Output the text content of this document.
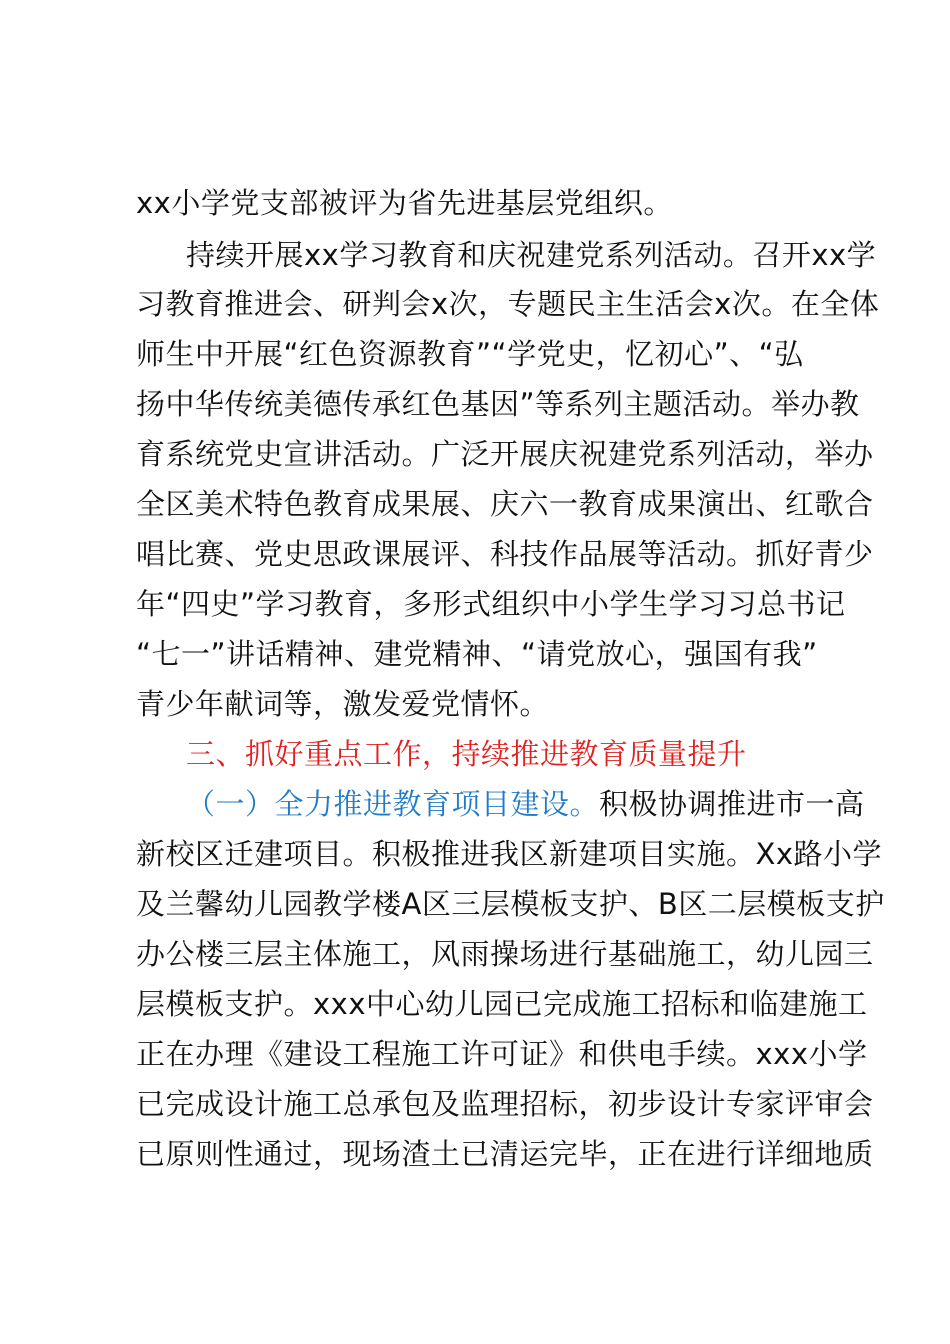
xx小学党支部被评为省先进基层党组织。
持续开展xx学习教育和庆祝建党系列活动。召开xx学
习教育推进会、研判会x次，专题民主生活会x次。在全体
师生中开展“红色资源教育”“学党史，忆初心”、“弘
扬中华传统美德传承红色基因”等系列主题活动。举办教
育系统党史宣讲活动。广泛开展庆祝建党系列活动，举办
全区美术特色教育成果展、庆六一教育成果演出、红歌合
唱比赛、党史思政课展评、科技作品展等活动。抓好青少
年“四史”学习教育，多形式组织中小学生学习习总书记
“七一”讲话精神、建党精神、“请党放心，强国有我”
青少年献词等，激发爱党情怀。
三、抓好重点工作，持续推进教育质量提升
（一）全力推进教育项目建设。积极协调推进市一高
新校区迁建项目。积极推进我区新建项目实施。Xx路小学
及兰馨幼儿园教学楼A区三层模板支护、B区二层模板支护
办公楼三层主体施工，风雨操场进行基础施工，幼儿园三
层模板支护。xxx中心幼儿园已完成施工招标和临建施工
正在办理《建设工程施工许可证》和供电手续。xxx小学
已完成设计施工总承包及监理招标，初步设计专家评审会
已原则性通过，现场渣土已清运完毕，正在进行详细地质
